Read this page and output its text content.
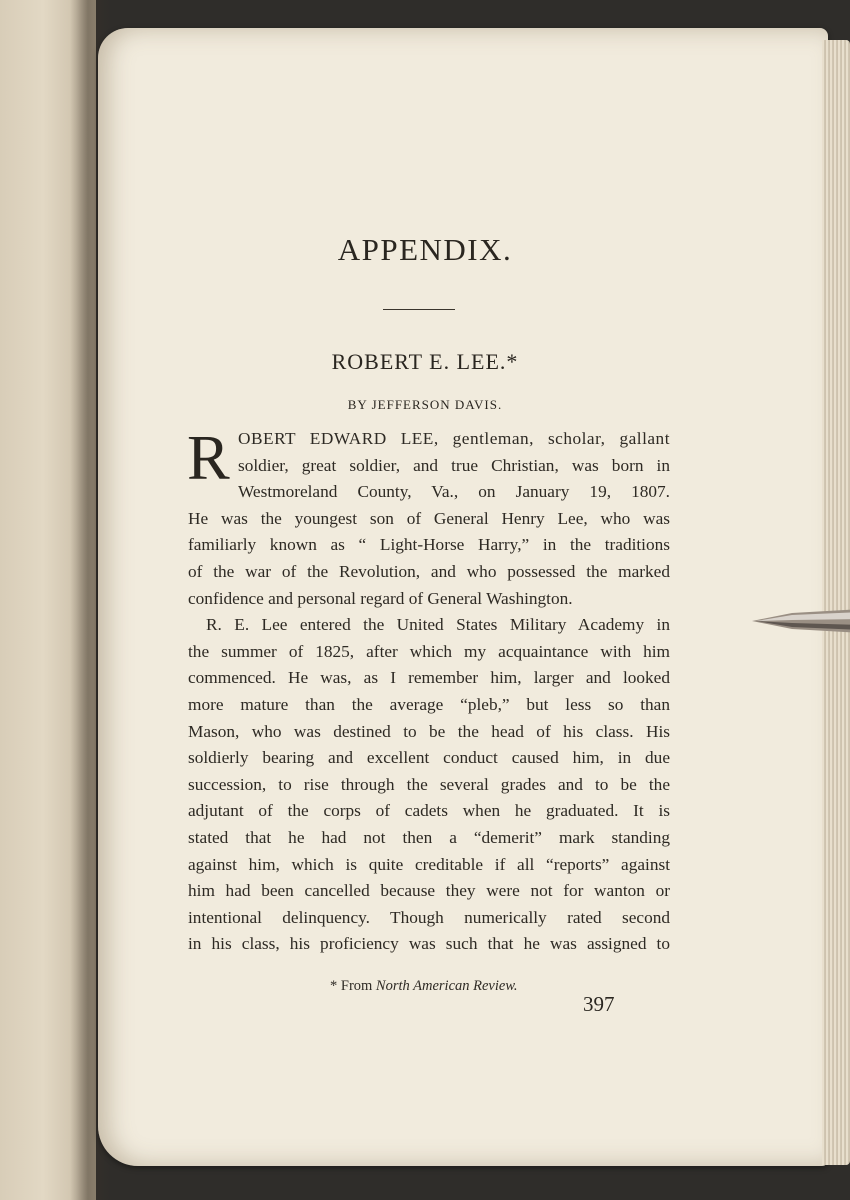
APPENDIX.
ROBERT E. LEE.*
BY JEFFERSON DAVIS.
R OBERT EDWARD LEE, gentleman, scholar, gallant
soldier, great soldier, and true Christian, was born in
Westmoreland County, Va., on January 19, 1807.
He was the youngest son of General Henry Lee, who was
familiarly known as “ Light-Horse Harry,” in the traditions
of the war of the Revolution, and who possessed the marked
confidence and personal regard of General Washington.
R. E. Lee entered the United States Military Academy in
the summer of 1825, after which my acquaintance with him
commenced. He was, as I remember him, larger and looked
more mature than the average “pleb,” but less so than
Mason, who was destined to be the head of his class. His
soldierly bearing and excellent conduct caused him, in due
succession, to rise through the several grades and to be the
adjutant of the corps of cadets when he graduated. It is
stated that he had not then a “demerit” mark standing
against him, which is quite creditable if all “reports” against
him had been cancelled because they were not for wanton or
intentional delinquency. Though numerically rated second
in his class, his proficiency was such that he was assigned to
* From North American Review.
397
